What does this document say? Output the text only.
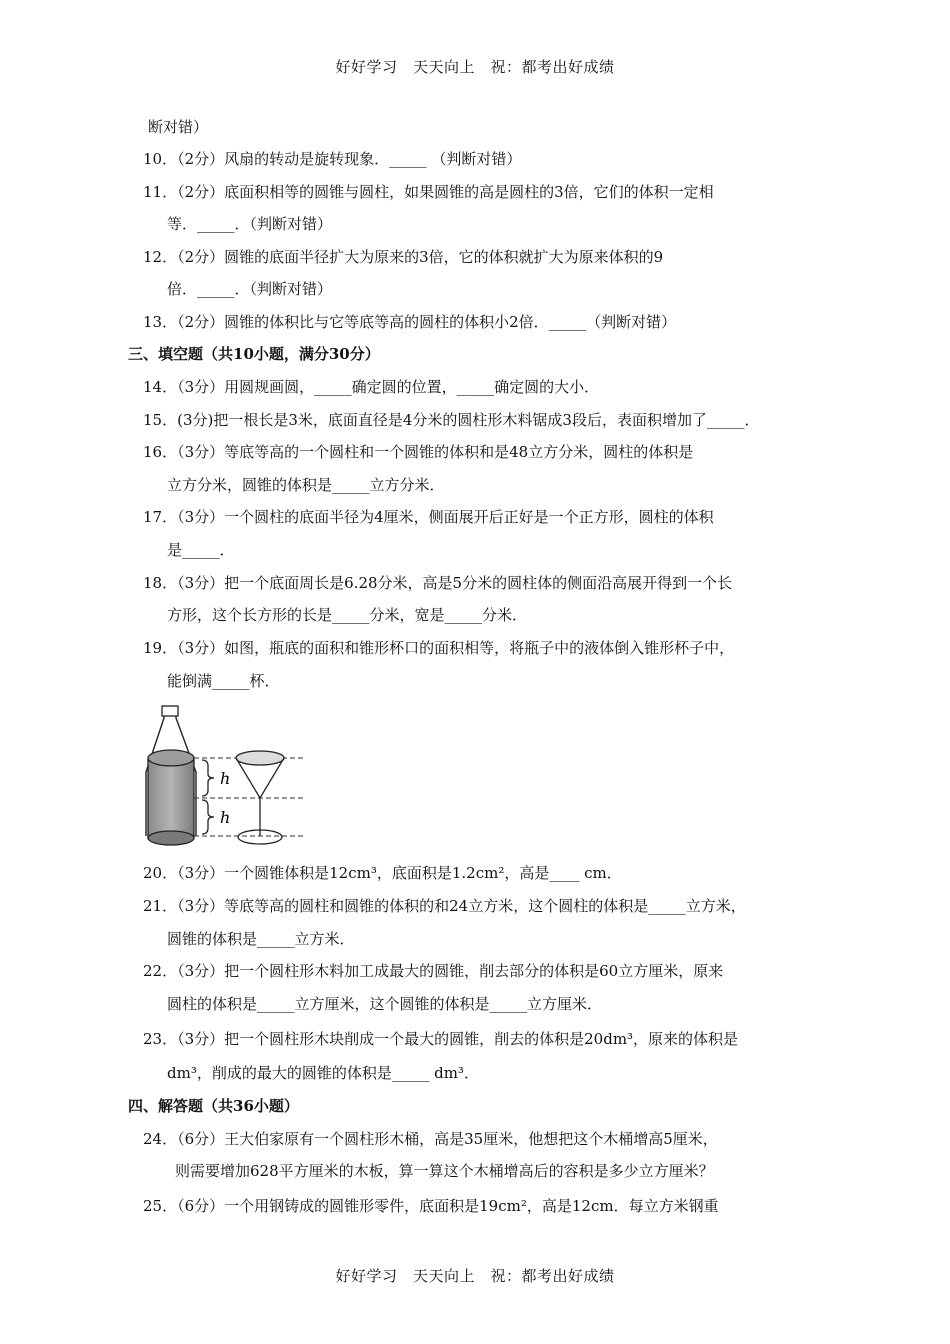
好好学习　天天向上　祝：都考出好成绩
断对错）
10．（2分）风扇的转动是旋转现象．_____ （判断对错）
11．（2分）底面积相等的圆锥与圆柱，如果圆锥的高是圆柱的3倍，它们的体积一定相
等．_____．（判断对错）
12．（2分）圆锥的底面半径扩大为原来的3倍，它的体积就扩大为原来体积的9
倍．_____．（判断对错）
13．（2分）圆锥的体积比与它等底等高的圆柱的体积小2倍．_____（判断对错）
三、填空题（共10小题，满分30分）
14．（3分）用圆规画圆，_____确定圆的位置，_____确定圆的大小．
15．(3分)把一根长是3米，底面直径是4分米的圆柱形木料锯成3段后，表面积增加了_____．
16．（3分）等底等高的一个圆柱和一个圆锥的体积和是48立方分米，圆柱的体积是
立方分米，圆锥的体积是_____立方分米．
17．（3分）一个圆柱的底面半径为4厘米，侧面展开后正好是一个正方形，圆柱的体积
是_____．
18．（3分）把一个底面周长是6.28分米，高是5分米的圆柱体的侧面沿高展开得到一个长
方形，这个长方形的长是_____分米，宽是_____分米．
19．（3分）如图，瓶底的面积和锥形杯口的面积相等，将瓶子中的液体倒入锥形杯子中，
能倒满_____杯．
20．（3分）一个圆锥体积是12cm³，底面积是1.2cm²，高是____ cm．
21．（3分）等底等高的圆柱和圆锥的体积的和24立方米，这个圆柱的体积是_____立方米，
圆锥的体积是_____立方米．
22．（3分）把一个圆柱形木料加工成最大的圆锥，削去部分的体积是60立方厘米，原来
圆柱的体积是_____立方厘米，这个圆锥的体积是_____立方厘米．
23．（3分）把一个圆柱形木块削成一个最大的圆锥，削去的体积是20dm³，原来的体积是
dm³，削成的最大的圆锥的体积是_____ dm³．
四、解答题（共36小题）
24．（6分）王大伯家原有一个圆柱形木桶，高是35厘米，他想把这个木桶增高5厘米，
则需要增加628平方厘米的木板，算一算这个木桶增高后的容积是多少立方厘米？
25．（6分）一个用钢铸成的圆锥形零件，底面积是19cm²，高是12cm．每立方米钢重
h
h
好好学习　天天向上　祝：都考出好成绩
